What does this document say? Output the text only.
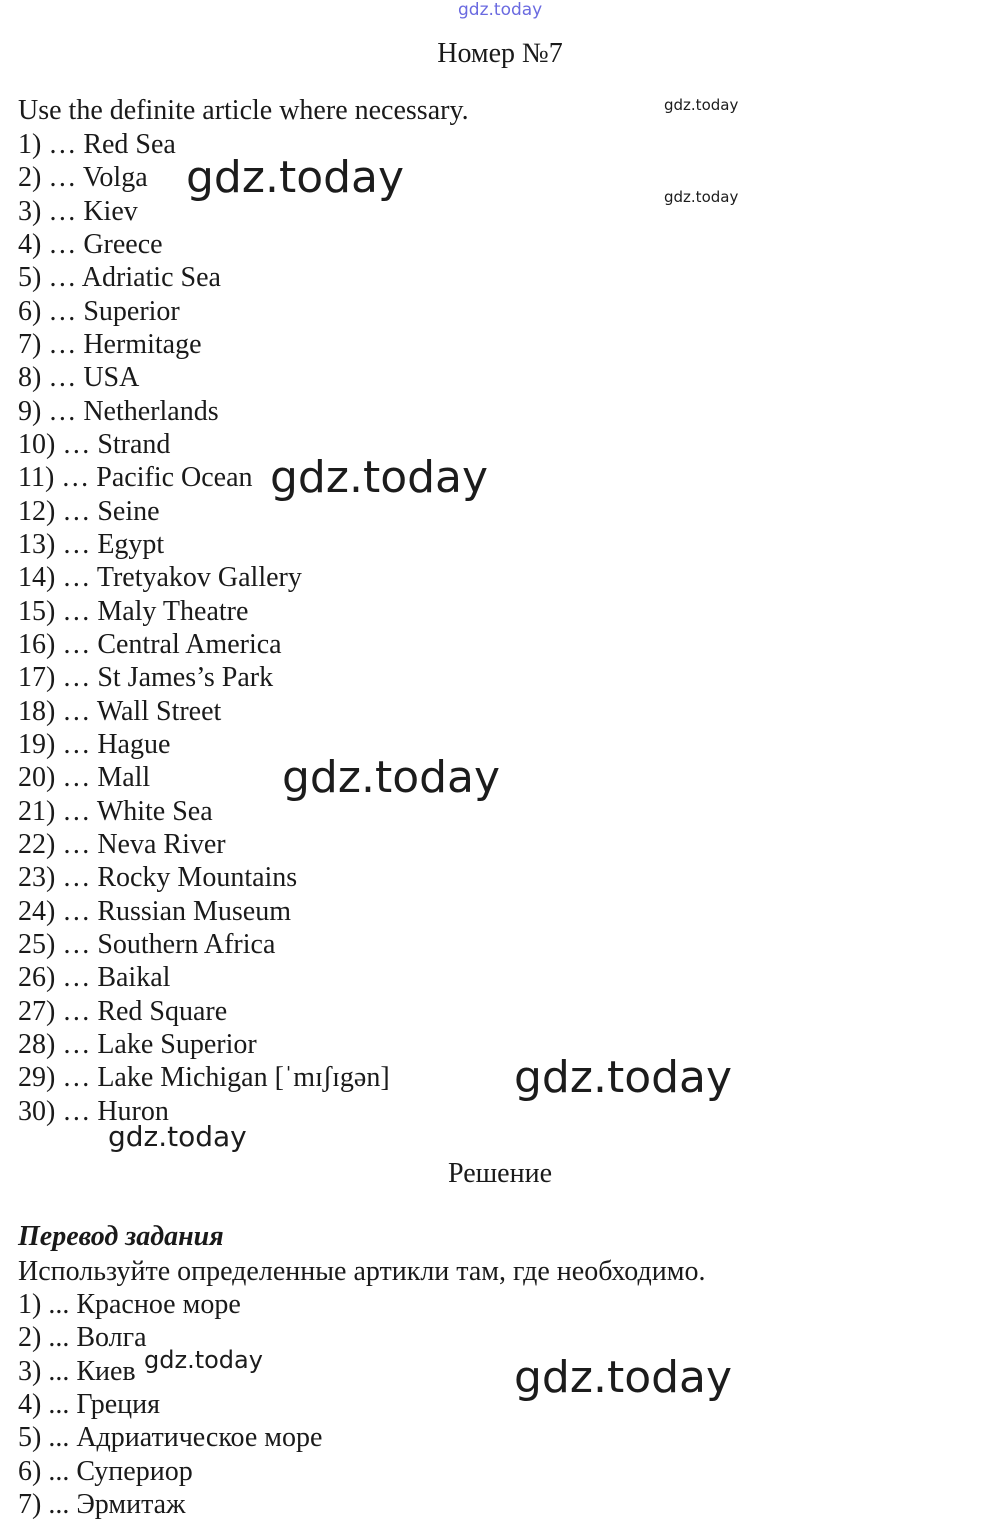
gdz.today
Номер №7
Use the definite article where necessary.
1) … Red Sea
2) … Volga
3) … Kiev
4) … Greece
5) … Adriatic Sea
6) … Superior
7) … Hermitage
8) … USA
9) … Netherlands
10) … Strand
11) … Pacific Ocean
12) … Seine
13) … Egypt
14) … Tretyakov Gallery
15) … Maly Theatre
16) … Central America
17) … St James’s Park
18) … Wall Street
19) … Hague
20) … Mall
21) … White Sea
22) … Neva River
23) … Rocky Mountains
24) … Russian Museum
25) … Southern Africa
26) … Baikal
27) … Red Square
28) … Lake Superior
29) … Lake Michigan [ˈmɪʃɪgən]
30) … Huron
Решение
Перевод задания
Используйте определенные артикли там, где необходимо.
1) ... Красное море
2) ... Волга
3) ... Киев
4) ... Греция
5) ... Адриатическое море
6) ... Супериор
7) ... Эрмитаж
gdz.today
gdz.today
gdz.today
gdz.today
gdz.today
gdz.today
gdz.today
gdz.today	gdz.today
